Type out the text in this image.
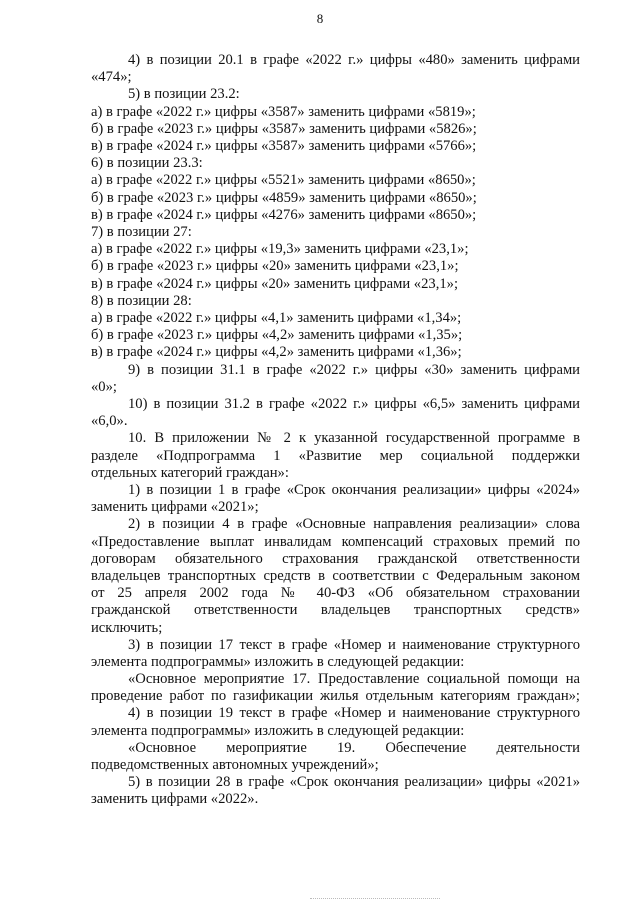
8
4) в позиции 20.1 в графе «2022 г.» цифры «480» заменить цифрами
«474»;
5) в позиции 23.2:
а) в графе «2022 г.» цифры «3587» заменить цифрами «5819»;
б) в графе «2023 г.» цифры «3587» заменить цифрами «5826»;
в) в графе «2024 г.» цифры «3587» заменить цифрами «5766»;
6) в позиции 23.3:
а) в графе «2022 г.» цифры «5521» заменить цифрами «8650»;
б) в графе «2023 г.» цифры «4859» заменить цифрами «8650»;
в) в графе «2024 г.» цифры «4276» заменить цифрами «8650»;
7) в позиции 27:
а) в графе «2022 г.» цифры «19,3» заменить цифрами «23,1»;
б) в графе «2023 г.» цифры «20» заменить цифрами «23,1»;
в) в графе «2024 г.» цифры «20» заменить цифрами «23,1»;
8) в позиции 28:
а) в графе «2022 г.» цифры «4,1» заменить цифрами «1,34»;
б) в графе «2023 г.» цифры «4,2» заменить цифрами «1,35»;
в) в графе «2024 г.» цифры «4,2» заменить цифрами «1,36»;
9) в позиции 31.1 в графе «2022 г.» цифры «30» заменить цифрами
«0»;
10) в позиции 31.2 в графе «2022 г.» цифры «6,5» заменить цифрами
«6,0».
10. В приложении № 2 к указанной государственной программе в
разделе «Подпрограмма 1 «Развитие мер социальной поддержки
отдельных категорий граждан»:
1) в позиции 1 в графе «Срок окончания реализации» цифры «2024»
заменить цифрами «2021»;
2) в позиции 4 в графе «Основные направления реализации» слова
«Предоставление выплат инвалидам компенсаций страховых премий по
договорам обязательного страхования гражданской ответственности
владельцев транспортных средств в соответствии с Федеральным законом
от 25 апреля 2002 года № 40-ФЗ «Об обязательном страховании
гражданской ответственности владельцев транспортных средств»
исключить;
3) в позиции 17 текст в графе «Номер и наименование структурного
элемента подпрограммы» изложить в следующей редакции:
«Основное мероприятие 17. Предоставление социальной помощи на
проведение работ по газификации жилья отдельным категориям граждан»;
4) в позиции 19 текст в графе «Номер и наименование структурного
элемента подпрограммы» изложить в следующей редакции:
«Основное мероприятие 19. Обеспечение деятельности
подведомственных автономных учреждений»;
5) в позиции 28 в графе «Срок окончания реализации» цифры «2021»
заменить цифрами «2022».
